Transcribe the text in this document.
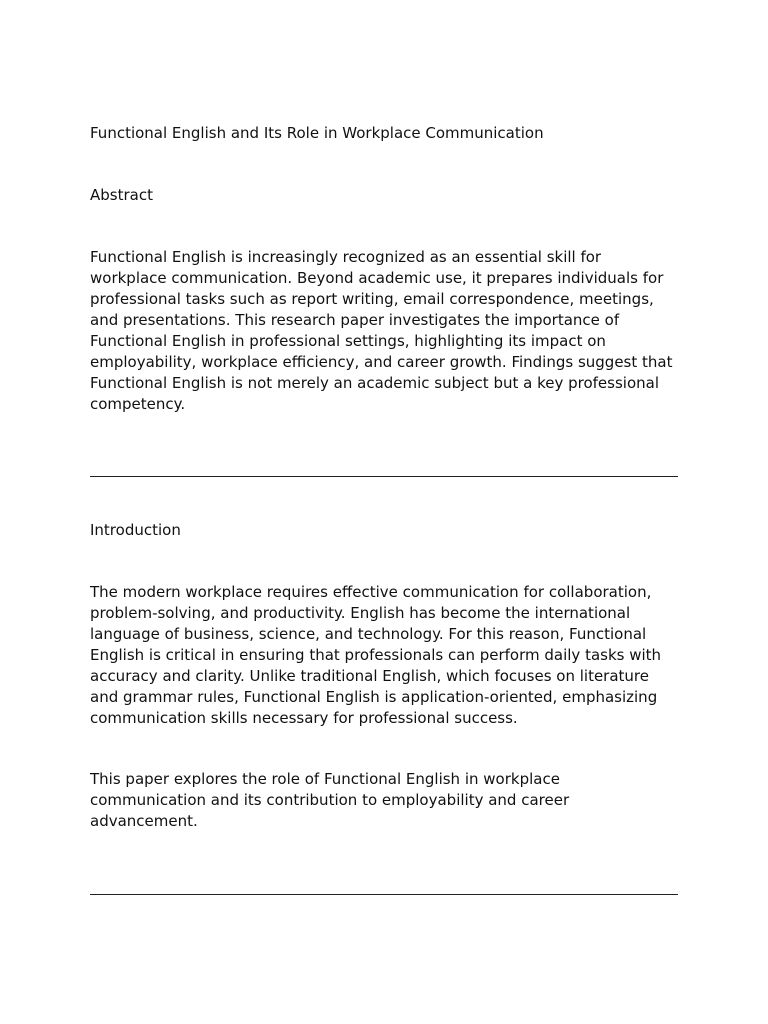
Functional English and Its Role in Workplace Communication

Abstract

Functional English is increasingly recognized as an essential skill for workplace communication. Beyond academic use, it prepares individuals for professional tasks such as report writing, email correspondence, meetings, and presentations. This research paper investigates the importance of Functional English in professional settings, highlighting its impact on employability, workplace efficiency, and career growth. Findings suggest that Functional English is not merely an academic subject but a key professional competency.

Introduction

The modern workplace requires effective communication for collaboration, problem-solving, and productivity. English has become the international language of business, science, and technology. For this reason, Functional English is critical in ensuring that professionals can perform daily tasks with accuracy and clarity. Unlike traditional English, which focuses on literature and grammar rules, Functional English is application-oriented, emphasizing communication skills necessary for professional success.

This paper explores the role of Functional English in workplace communication and its contribution to employability and career advancement.
